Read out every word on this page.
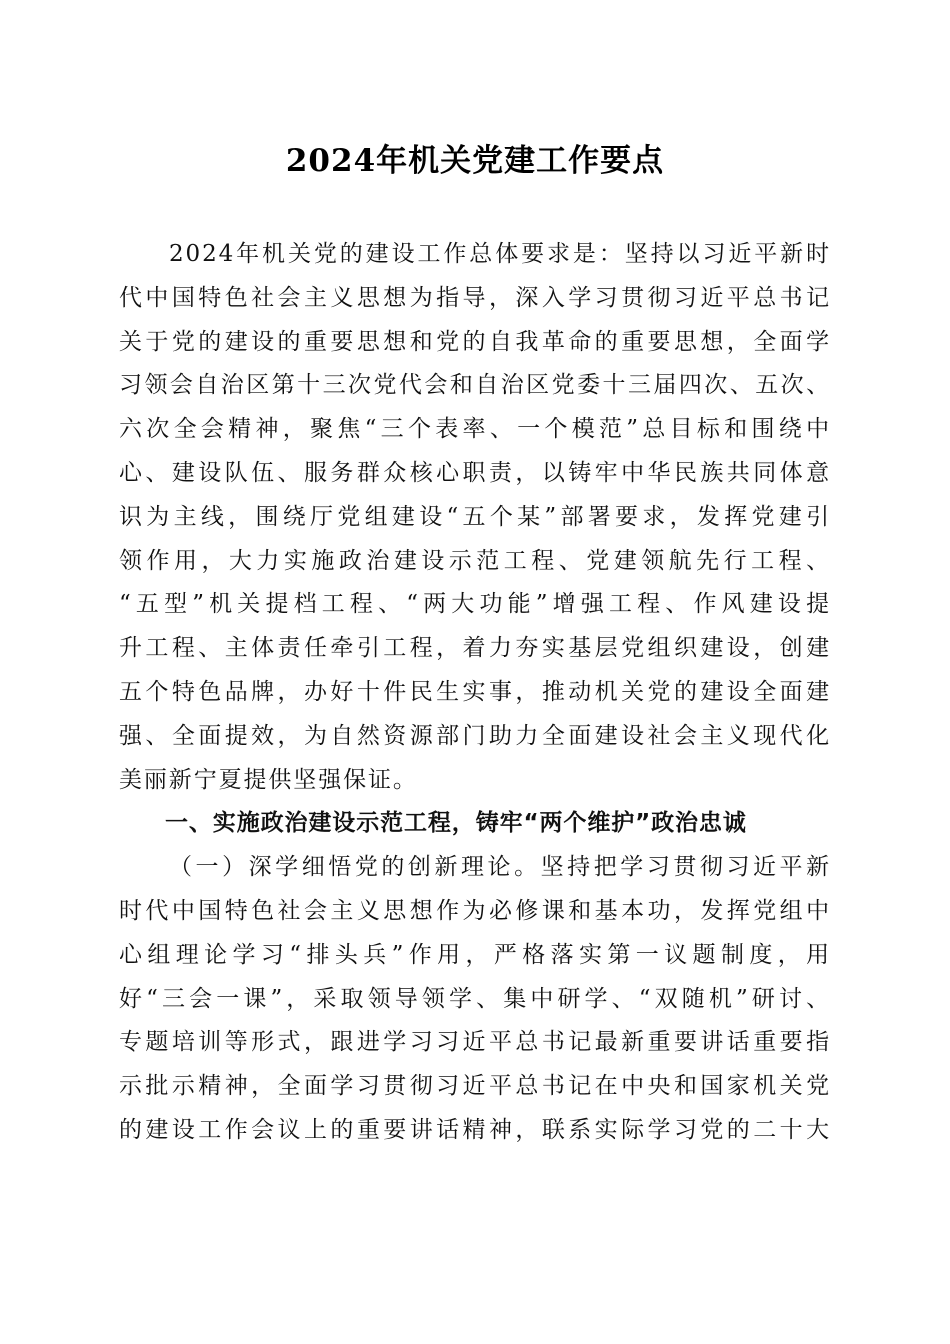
2024年机关党建工作要点
2024年机关党的建设工作总体要求是：坚持以习近平新时
代中国特色社会主义思想为指导，深入学习贯彻习近平总书记
关于党的建设的重要思想和党的自我革命的重要思想，全面学
习领会自治区第十三次党代会和自治区党委十三届四次、五次、
六次全会精神，聚焦“三个表率、一个模范”总目标和围绕中
心、建设队伍、服务群众核心职责，以铸牢中华民族共同体意
识为主线，围绕厅党组建设“五个某”部署要求，发挥党建引
领作用，大力实施政治建设示范工程、党建领航先行工程、
“五型”机关提档工程、“两大功能”增强工程、作风建设提
升工程、主体责任牵引工程，着力夯实基层党组织建设，创建
五个特色品牌，办好十件民生实事，推动机关党的建设全面建
强、全面提效，为自然资源部门助力全面建设社会主义现代化
美丽新宁夏提供坚强保证。
一、实施政治建设示范工程，铸牢“两个维护”政治忠诚
（一）深学细悟党的创新理论。坚持把学习贯彻习近平新
时代中国特色社会主义思想作为必修课和基本功，发挥党组中
心组理论学习“排头兵”作用，严格落实第一议题制度，用
好“三会一课”，采取领导领学、集中研学、“双随机”研讨、
专题培训等形式，跟进学习习近平总书记最新重要讲话重要指
示批示精神，全面学习贯彻习近平总书记在中央和国家机关党
的建设工作会议上的重要讲话精神，联系实际学习党的二十大
